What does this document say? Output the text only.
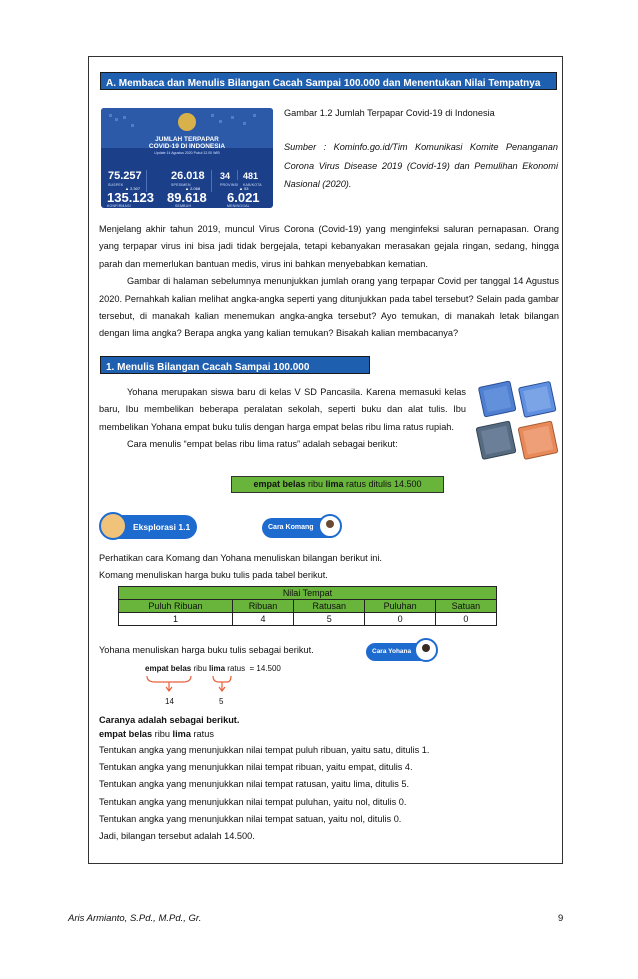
A. Membaca dan Menulis Bilangan Cacah Sampai 100.000 dan Menentukan Nilai Tempatnya
JUMLAH TERPAPAR
COVID-19 DI INDONESIA
Update 14 Agustus 2020 Pukul 12.00 WIB
75.257
SUSPEK
26.018
SPESIMEN
34
PROVINSI
481
KAB/KOTA
▲ 2.307
135.123
KONFIRMASI
▲ 2.068
89.618
SEMBUH
▲ 53
6.021
MENINGGAL
Gambar 1.2 Jumlah Terpapar Covid-19 di Indonesia
Sumber : Kominfo.go.id/Tim Komunikasi Komite Penanganan Corona Virus Disease 2019 (Covid-19) dan Pemulihan Ekonomi Nasional (2020).

Menjelang akhir tahun 2019, muncul Virus Corona (Covid-19) yang menginfeksi saluran pernapasan. Orang yang terpapar virus ini bisa jadi tidak bergejala, tetapi kebanyakan merasakan gejala ringan, sedang, hingga parah dan memerlukan bantuan medis, virus ini bahkan menyebabkan kematian.

Gambar di halaman sebelumnya menunjukkan jumlah orang yang terpapar Covid per tanggal 14 Agustus 2020. Pernahkah kalian melihat angka-angka seperti yang ditunjukkan pada tabel tersebut? Selain pada gambar tersebut, di manakah kalian menemukan angka-angka tersebut? Ayo temukan, di manakah letak bilangan dengan lima angka? Berapa angka yang kalian temukan? Bisakah kalian membacanya?

1. Menulis Bilangan Cacah Sampai 100.000

Yohana merupakan siswa baru di kelas V SD Pancasila. Karena memasuki kelas baru, Ibu membelikan beberapa peralatan sekolah, seperti buku dan alat tulis. Ibu membelikan Yohana empat buku tulis dengan harga empat belas ribu lima ratus rupiah.

Cara menulis “empat belas ribu lima ratus” adalah sebagai berikut:

empat belas ribu lima ratus ditulis 14.500
Eksplorasi 1.1	Cara Komang
Perhatikan cara Komang dan Yohana menuliskan bilangan berikut ini.
Komang menuliskan harga buku tulis pada tabel berikut.
Nilai Tempat				
Puluh Ribuan	Ribuan	Ratusan	Puluhan	Satuan
1	4	5	0	0
Yohana menuliskan harga buku tulis sebagai berikut.	Cara Yohana
empat belas ribu lima ratus  = 14.500
14	5
Caranya adalah sebagai berikut.
empat belas ribu lima ratus
Tentukan angka yang menunjukkan nilai tempat puluh ribuan, yaitu satu, ditulis 1.
Tentukan angka yang menunjukkan nilai tempat ribuan, yaitu empat, ditulis 4.
Tentukan angka yang menunjukkan nilai tempat ratusan, yaitu lima, ditulis 5.
Tentukan angka yang menunjukkan nilai tempat puluhan, yaitu nol, ditulis 0.
Tentukan angka yang menunjukkan nilai tempat satuan, yaitu nol, ditulis 0.
Jadi, bilangan tersebut adalah 14.500.
Aris Armianto, S.Pd., M.Pd., Gr.	9
